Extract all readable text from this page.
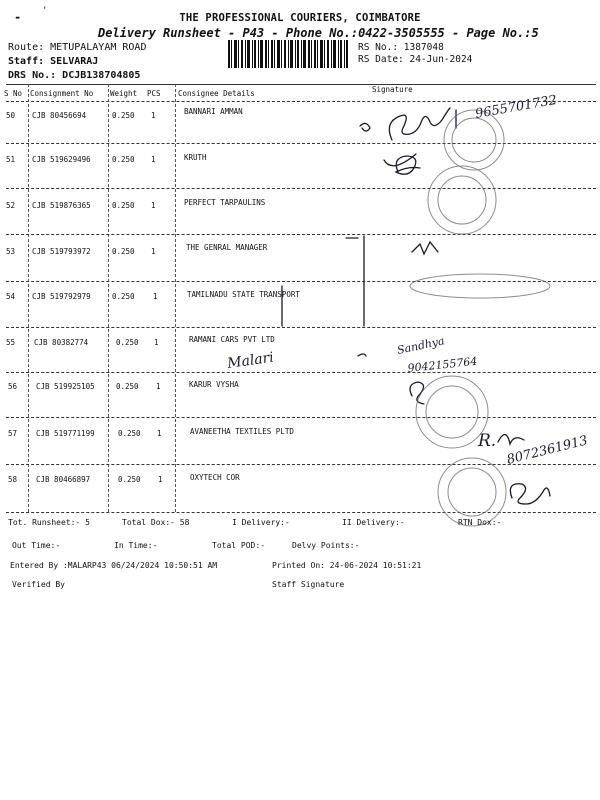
- '
THE PROFESSIONAL COURIERS, COIMBATORE
Delivery Runsheet - P43 - Phone No.:0422-3505555 - Page No.:5
Route: METUPALAYAM ROAD
Staff: SELVARAJ
DRS No.: DCJB138704805
RS No.: 1387048
RS Date: 24-Jun-2024
S No Consignment No Weight PCS Consignee Details	Signature
50 CJB 80456694	0.250 1	BANNARI AMMAN
51 CJB 519629496	0.250 1	KRUTH
52 CJB 519876365	0.250 1	PERFECT TARPAULINS
53 CJB 519793972	0.250 1	THE GENRAL MANAGER
54 CJB 519792979	0.250 1	TAMILNADU STATE TRANSPORT
55	CJB 80382774	0.250 1	RAMANI CARS PVT LTD
56	CJB 519925105	0.250 1	KARUR VYSHA
57	CJB 519771199	0.250 1	AVANEETHA TEXTILES PLTD
58	CJB 80466897	0.250 1	OXYTECH COR
9655701732
Malari
Sandhya
9042155764
R. 8072361913
Tot. Runsheet:- 5	Total Dox:- 58	I Delivery:-	II Delivery:-	RTN Dox:-
Out Time:-	In Time:-	Total POD:-	Delvy Points:-
Entered By :MALARP43 06/24/2024 10:50:51 AM	Printed On: 24-06-2024 10:51:21
Verified By	Staff Signature
